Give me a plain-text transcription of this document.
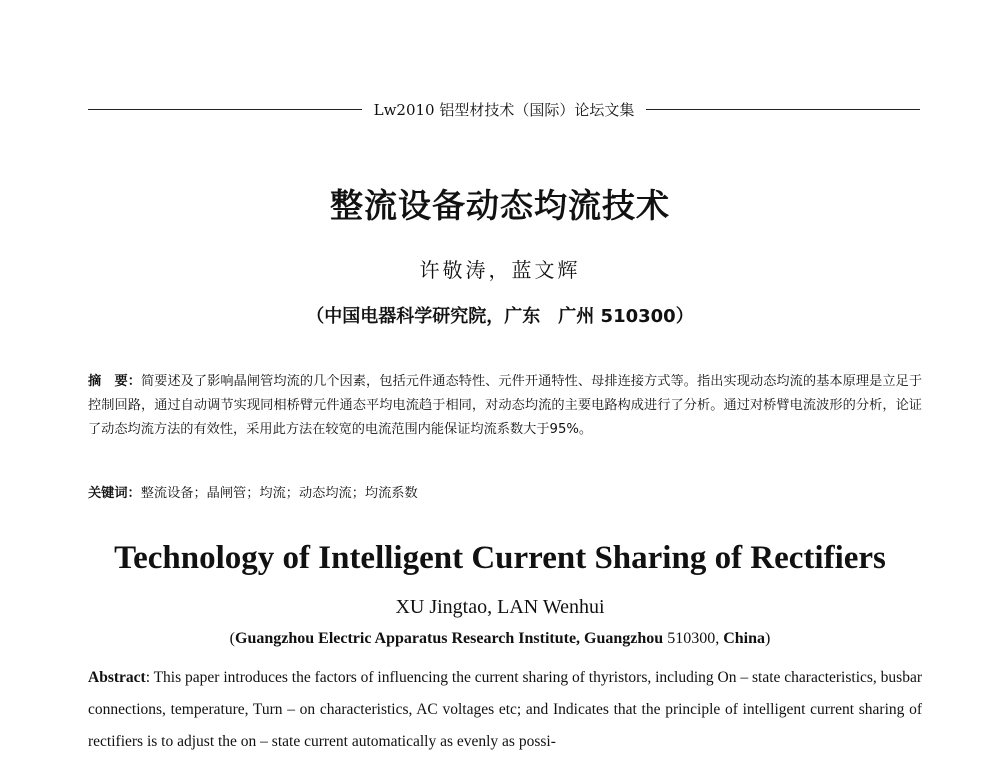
Lw2010 铝型材技术（国际）论坛文集
整流设备动态均流技术
许敬涛，蓝文辉
（中国电器科学研究院，广东　广州 510300）
摘　要：简要述及了影响晶闸管均流的几个因素，包括元件通态特性、元件开通特性、母排连接方式等。指出实现动态均流的基本原理是立足于控制回路，通过自动调节实现同相桥臂元件通态平均电流趋于相同，对动态均流的主要电路构成进行了分析。通过对桥臂电流波形的分析，论证了动态均流方法的有效性，采用此方法在较宽的电流范围内能保证均流系数大于95%。
关键词：整流设备；晶闸管；均流；动态均流；均流系数
Technology of Intelligent Current Sharing of Rectifiers
XU Jingtao, LAN Wenhui
(Guangzhou Electric Apparatus Research Institute, Guangzhou 510300, China)
Abstract: This paper introduces the factors of influencing the current sharing of thyristors, including On – state characteristics, busbar connections, temperature, Turn – on characteristics, AC voltages etc; and Indicates that the principle of intelligent current sharing of rectifiers is to adjust the on – state current automatically as evenly as possi-
